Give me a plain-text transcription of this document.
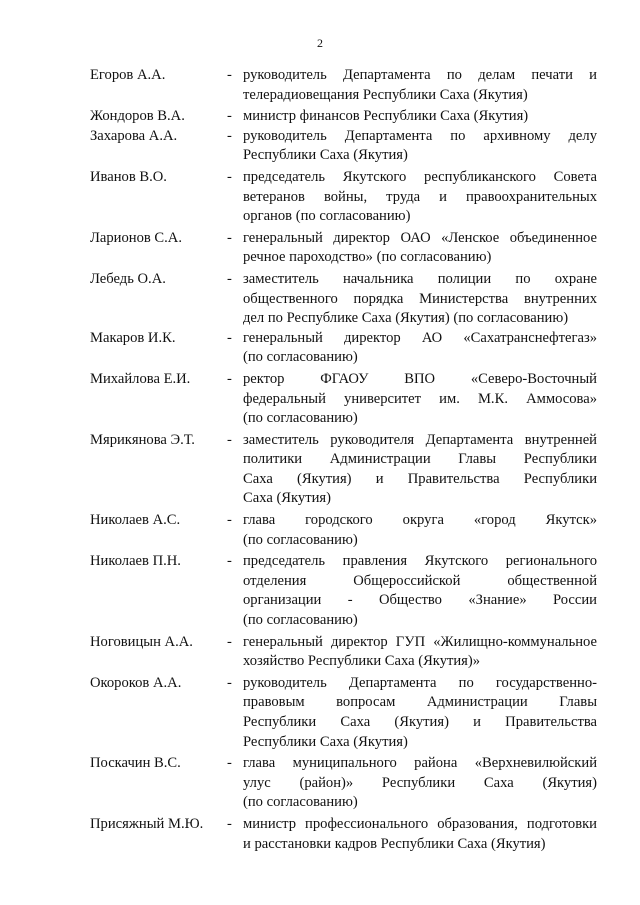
2
Егоров А.А.	- руководитель Департамента по делам печати и
телерадиовещания Республики Саха (Якутия)
Жондоров В.А.	- министр финансов Республики Саха (Якутия)
Захарова А.А.	- руководитель Департамента по архивному делу
Республики Саха (Якутия)
Иванов В.О.	- председатель Якутского республиканского Совета
ветеранов войны, труда и правоохранительных
органов (по согласованию)
Ларионов С.А.	- генеральный директор ОАО «Ленское объединенное
речное пароходство» (по согласованию)
Лебедь О.А.	- заместитель начальника полиции по охране
общественного порядка Министерства внутренних
дел по Республике Саха (Якутия) (по согласованию)
Макаров И.К.	- генеральный директор АО «Сахатранснефтегаз»
(по согласованию)
Михайлова Е.И.	- ректор ФГАОУ ВПО «Северо-Восточный
федеральный университет им. М.К. Аммосова»
(по согласованию)
Мярикянова Э.Т. - заместитель руководителя Департамента внутренней
политики Администрации Главы Республики
Саха (Якутия) и Правительства Республики
Саха (Якутия)
Николаев А.С.	- глава городского округа «город Якутск»
(по согласованию)
Николаев П.Н.	- председатель правления Якутского регионального
отделения Общероссийской общественной
организации - Общество «Знание» России
(по согласованию)
Ноговицын А.А. - генеральный директор ГУП «Жилищно-коммунальное
хозяйство Республики Саха (Якутия)»
Окороков А.А.	- руководитель Департамента по государственно-
правовым вопросам Администрации Главы
Республики Саха (Якутия) и Правительства
Республики Саха (Якутия)
Поскачин В.С.	- глава муниципального района «Верхневилюйский
улус (район)» Республики Саха (Якутия)
(по согласованию)
Присяжный М.Ю. - министр профессионального образования, подготовки
и расстановки кадров Республики Саха (Якутия)
